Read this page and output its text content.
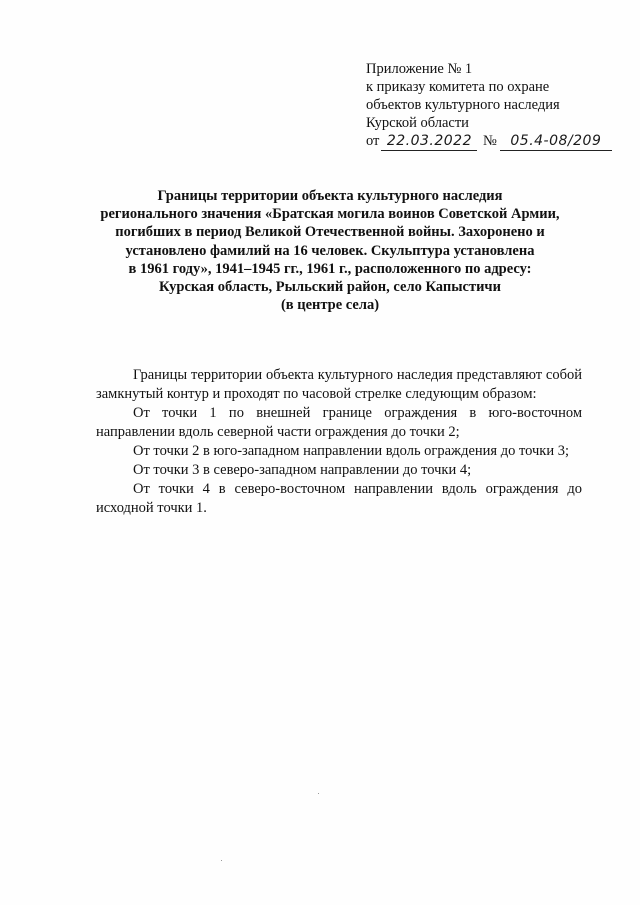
Приложение № 1
к приказу комитета по охране
объектов культурного наследия
Курской области
от 22.03.2022 № 05.4-08/209
Границы территории объекта культурного наследия
регионального значения «Братская могила воинов Советской Армии,
погибших в период Великой Отечественной войны. Захоронено и
установлено фамилий на 16 человек. Скульптура установлена
в 1961 году», 1941–1945 гг., 1961 г., расположенного по адресу:
Курская область, Рыльский район, село Капыстичи
(в центре села)

Границы территории объекта культурного наследия представляют собой замкнутый контур и проходят по часовой стрелке следующим образом:

От точки 1 по внешней границе ограждения в юго-восточном направлении вдоль северной части ограждения до точки 2;

От точки 2 в юго-западном направлении вдоль ограждения до точки 3;

От точки 3 в северо-западном направлении до точки 4;

От точки 4 в северо-восточном направлении вдоль ограждения до исходной точки 1.
